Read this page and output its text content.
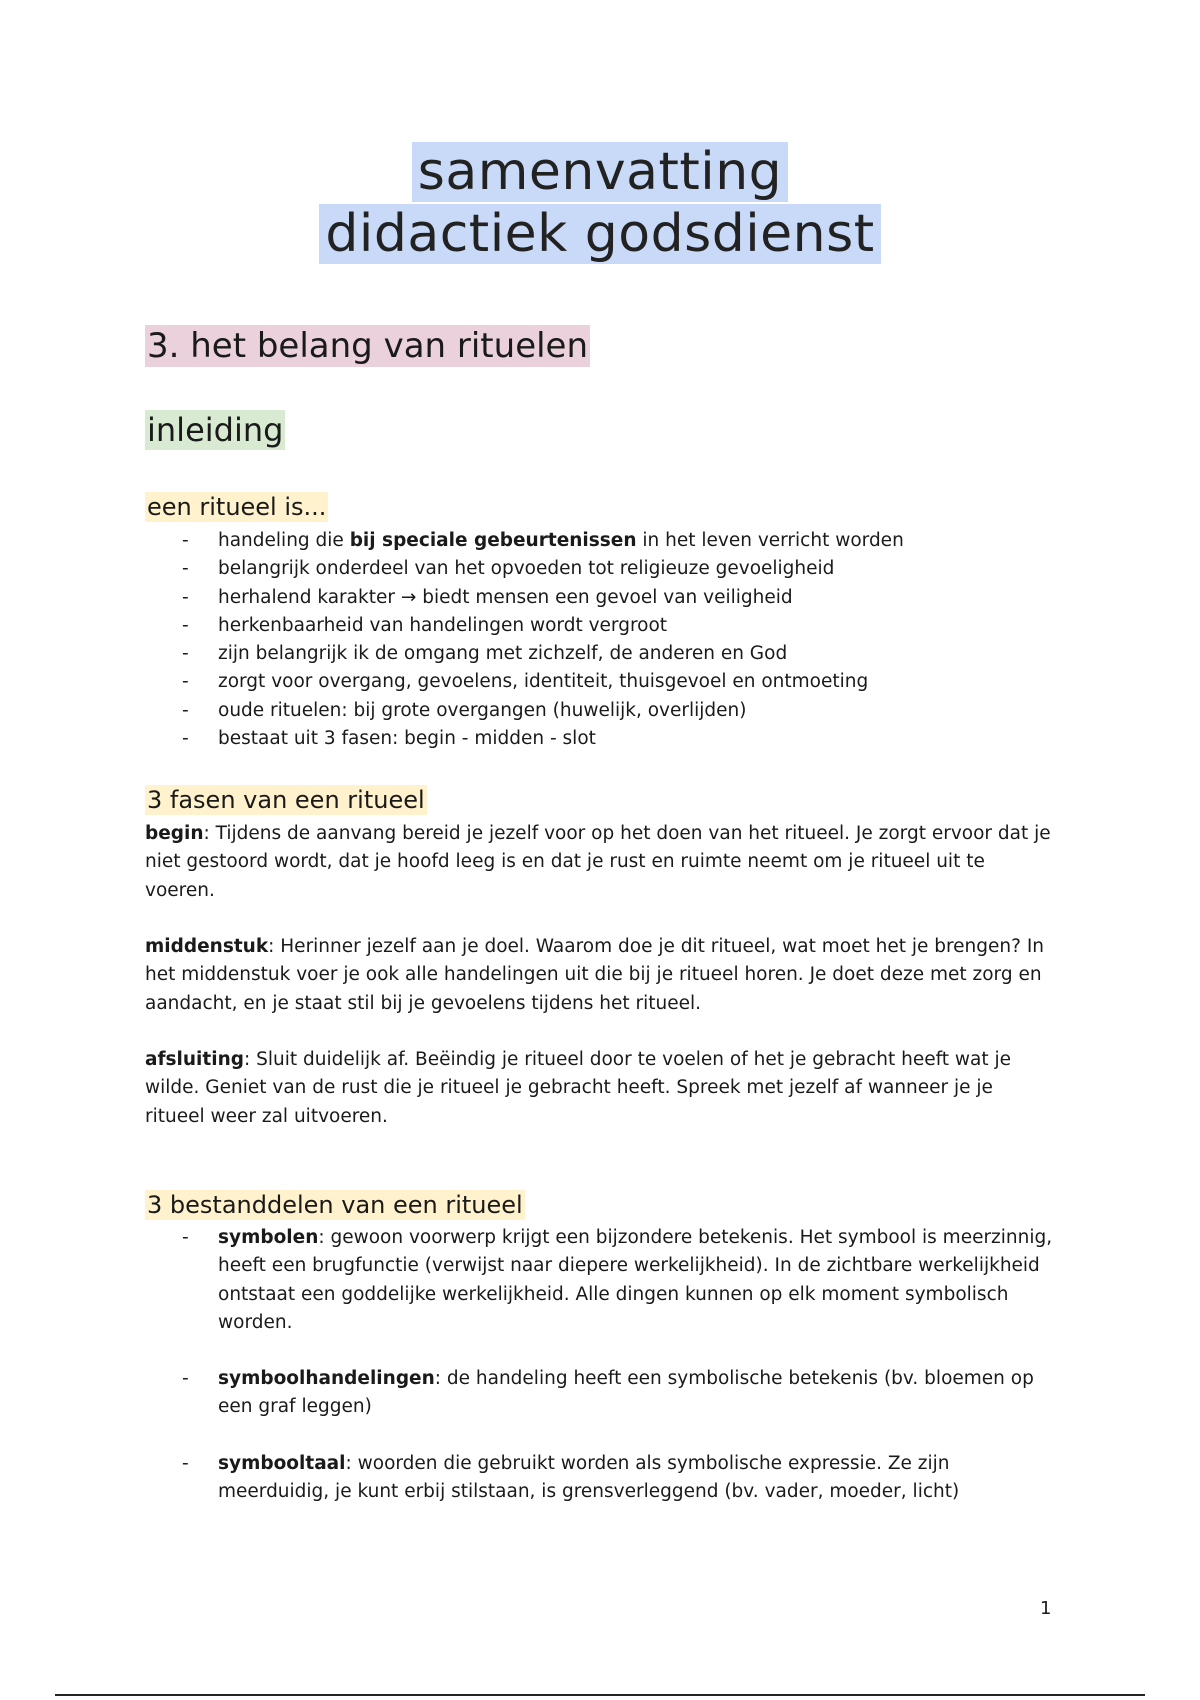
samenvatting
didactiek godsdienst
3. het belang van rituelen
inleiding
een ritueel is...
- handeling die bij speciale gebeurtenissen in het leven verricht worden
- belangrijk onderdeel van het opvoeden tot religieuze gevoeligheid
- herhalend karakter → biedt mensen een gevoel van veiligheid
- herkenbaarheid van handelingen wordt vergroot
- zijn belangrijk ik de omgang met zichzelf, de anderen en God
- zorgt voor overgang, gevoelens, identiteit, thuisgevoel en ontmoeting
- oude rituelen: bij grote overgangen (huwelijk, overlijden)
- bestaat uit 3 fasen: begin - midden - slot
3 fasen van een ritueel

begin: Tijdens de aanvang bereid je jezelf voor op het doen van het ritueel. Je zorgt ervoor dat je niet gestoord wordt, dat je hoofd leeg is en dat je rust en ruimte neemt om je ritueel uit te voeren.

middenstuk: Herinner jezelf aan je doel. Waarom doe je dit ritueel, wat moet het je brengen? In het middenstuk voer je ook alle handelingen uit die bij je ritueel horen. Je doet deze met zorg en aandacht, en je staat stil bij je gevoelens tijdens het ritueel.

afsluiting: Sluit duidelijk af. Beëindig je ritueel door te voelen of het je gebracht heeft wat je wilde. Geniet van de rust die je ritueel je gebracht heeft. Spreek met jezelf af wanneer je je ritueel weer zal uitvoeren.

3 bestanddelen van een ritueel
- symbolen: gewoon voorwerp krijgt een bijzondere betekenis. Het symbool is meerzinnig, heeft een brugfunctie (verwijst naar diepere werkelijkheid). In de zichtbare werkelijkheid ontstaat een goddelijke werkelijkheid. Alle dingen kunnen op elk moment symbolisch worden.
- symboolhandelingen: de handeling heeft een symbolische betekenis (bv. bloemen op een graf leggen)
- symbooltaal: woorden die gebruikt worden als symbolische expressie. Ze zijn meerduidig, je kunt erbij stilstaan, is grensverleggend (bv. vader, moeder, licht)
1
